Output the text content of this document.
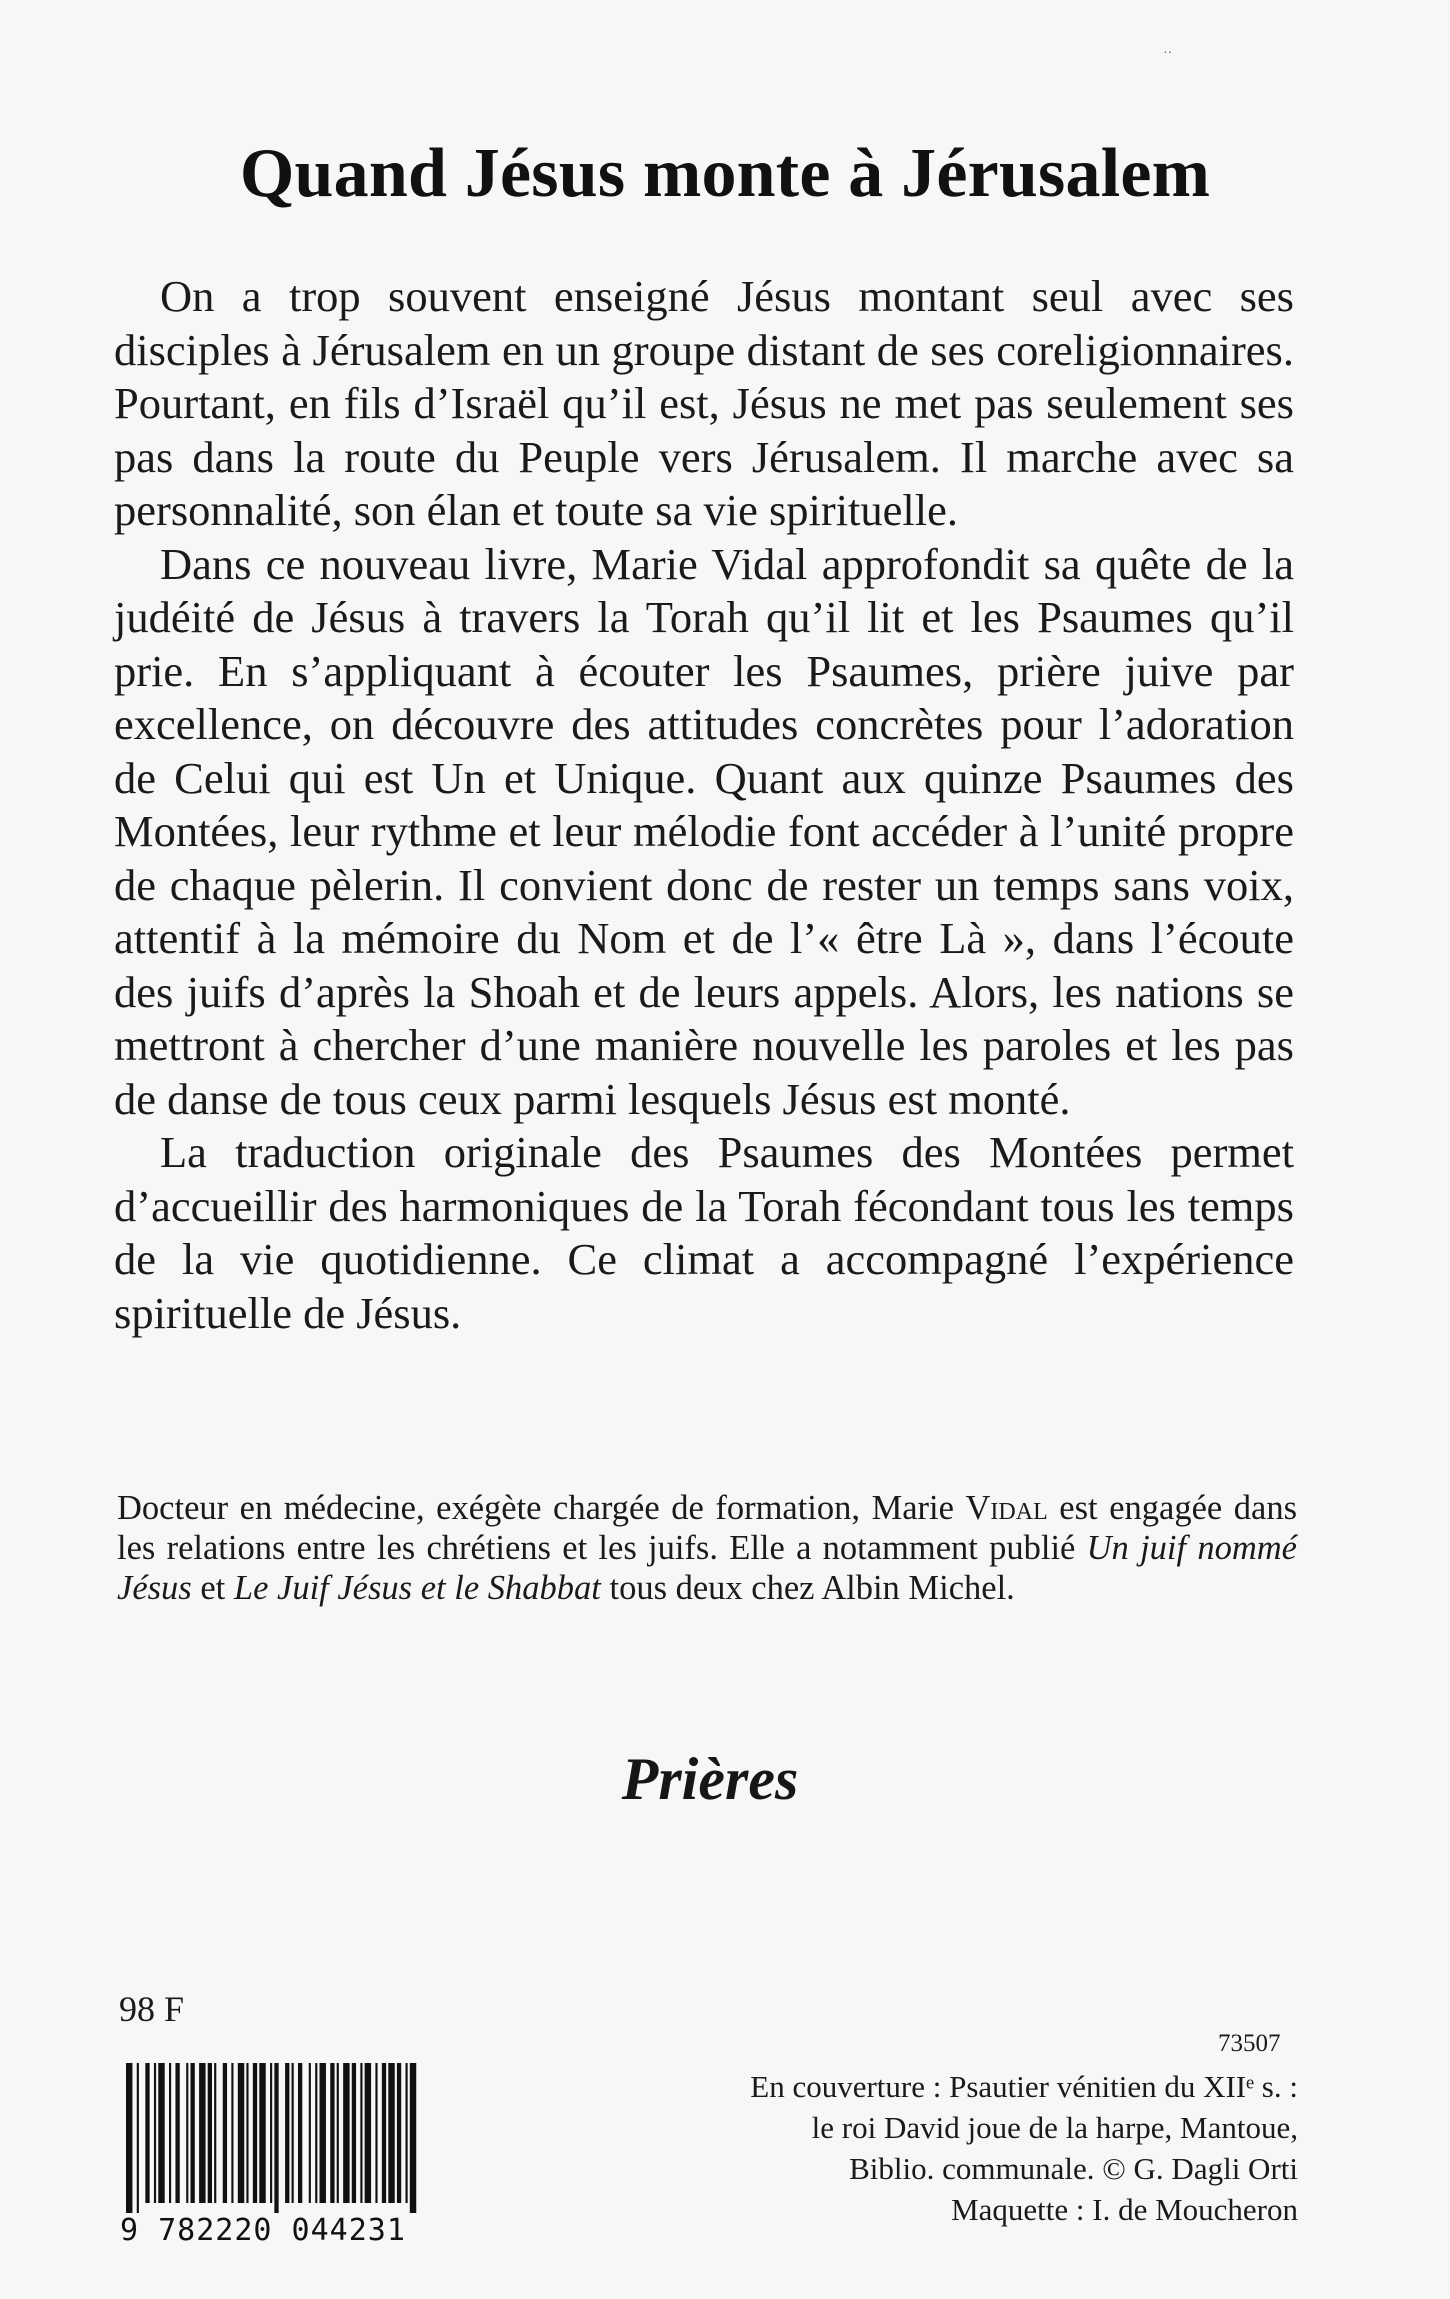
··
Quand Jésus monte à Jérusalem

On a trop souvent enseigné Jésus montant seul avec ses disciples à Jérusalem en un groupe distant de ses coreligionnaires. Pourtant, en fils d’Israël qu’il est, Jésus ne met pas seulement ses pas dans la route du Peuple vers Jérusalem. Il marche avec sa personnalité, son élan et toute sa vie spirituelle.

Dans ce nouveau livre, Marie Vidal approfondit sa quête de la judéité de Jésus à travers la Torah qu’il lit et les Psaumes qu’il prie. En s’appliquant à écouter les Psaumes, prière juive par excellence, on découvre des attitudes concrètes pour l’adoration de Celui qui est Un et Unique. Quant aux quinze Psaumes des Montées, leur rythme et leur mélodie font accéder à l’unité propre de chaque pèlerin. Il convient donc de rester un temps sans voix, attentif à la mémoire du Nom et de l’« être Là », dans l’écoute des juifs d’après la Shoah et de leurs appels. Alors, les nations se mettront à chercher d’une manière nouvelle les paroles et les pas de danse de tous ceux parmi lesquels Jésus est monté.

La traduction originale des Psaumes des Montées permet d’accueillir des harmoniques de la Torah fécondant tous les temps de la vie quotidienne. Ce climat a accompagné l’expérience spirituelle de Jésus.

Docteur en médecine, exégète chargée de formation, Marie Vidal est engagée dans les relations entre les chrétiens et les juifs. Elle a notamment publié Un juif nommé Jésus et Le Juif Jésus et le Shabbat tous deux chez Albin Michel.
Prières
98 F
73507
9 782220 044231
En couverture : Psautier vénitien du XIIᵉ s. :
le roi David joue de la harpe, Mantoue,
Biblio. communale. © G. Dagli Orti
Maquette : I. de Moucheron
